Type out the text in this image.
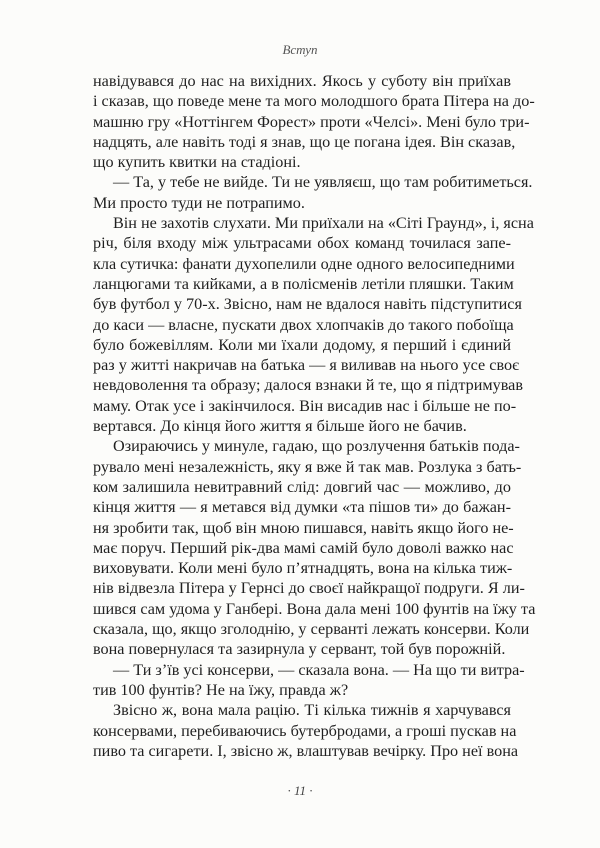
Вступ
навідувався до нас на вихідних. Якось у суботу він приїхав
і сказав, що поведе мене та мого молодшого брата Пітера на до-
машню гру «Ноттінгем Форест» проти «Челсі». Мені було три-
надцять, але навіть тоді я знав, що це погана ідея. Він сказав,
що купить квитки на стадіоні.
— Та, у тебе не вийде. Ти не уявляєш, що там робитиметься.
Ми просто туди не потрапимо.
Він не захотів слухати. Ми приїхали на «Сіті Граунд», і, ясна
річ, біля входу між ультрасами обох команд точилася запе-
кла сутичка: фанати духопелили одне одного велосипедними
ланцюгами та кийками, а в полісменів летіли пляшки. Таким
був футбол у 70-х. Звісно, нам не вдалося навіть підступитися
до каси — власне, пускати двох хлопчаків до такого побоїща
було божевіллям. Коли ми їхали додому, я перший і єдиний
раз у житті накричав на батька — я виливав на нього усе своє
невдоволення та образу; далося взнаки й те, що я підтримував
маму. Отак усе і закінчилося. Він висадив нас і більше не по-
вертався. До кінця його життя я більше його не бачив.
Озираючись у минуле, гадаю, що розлучення батьків пода-
рувало мені незалежність, яку я вже й так мав. Розлука з бать-
ком залишила невитравний слід: довгий час — можливо, до
кінця життя — я метався від думки «та пішов ти» до бажан-
ня зробити так, щоб він мною пишався, навіть якщо його не-
має поруч. Перший рік-два мамі самій було доволі важко нас
виховувати. Коли мені було п’ятнадцять, вона на кілька тиж-
нів відвезла Пітера у Гернсі до своєї найкращої подруги. Я ли-
шився сам удома у Ганбері. Вона дала мені 100 фунтів на їжу та
сказала, що, якщо зголоднію, у серванті лежать консерви. Коли
вона повернулася та зазирнула у сервант, той був порожній.
— Ти з’їв усі консерви, — сказала вона. — На що ти витра-
тив 100 фунтів? Не на їжу, правда ж?
Звісно ж, вона мала рацію. Ті кілька тижнів я харчувався
консервами, перебиваючись бутербродами, а гроші пускав на
пиво та сигарети. І, звісно ж, влаштував вечірку. Про неї вона
· 11 ·
